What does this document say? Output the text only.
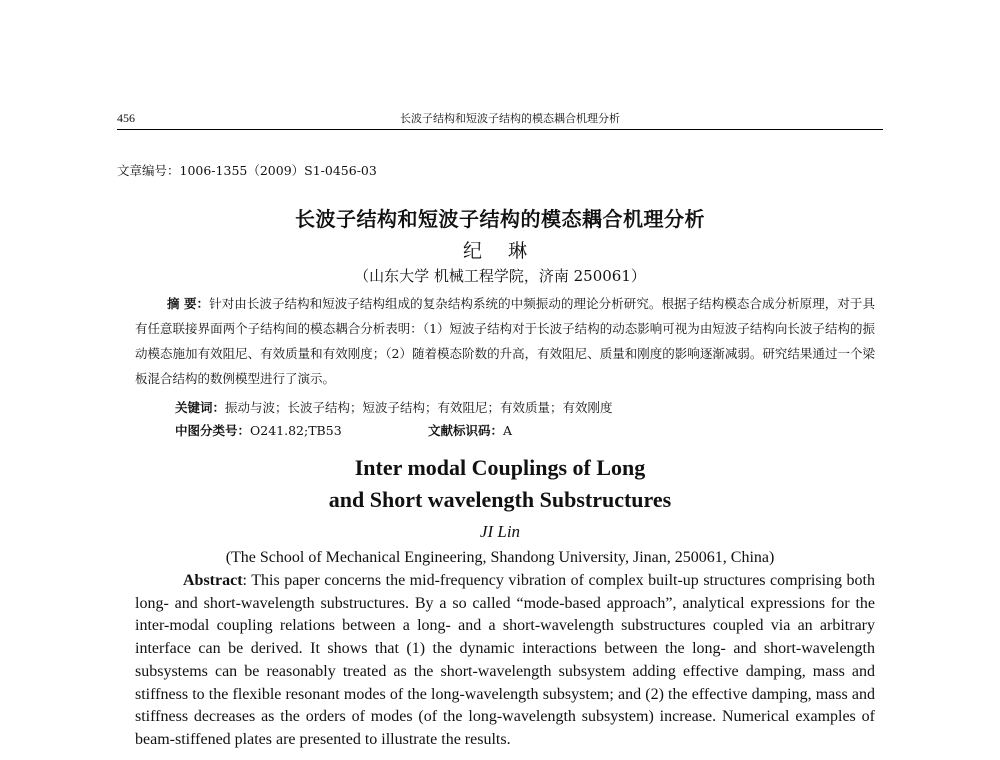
456	长波子结构和短波子结构的模态耦合机理分析
文章编号：1006-1355（2009）S1-0456-03
长波子结构和短波子结构的模态耦合机理分析
纪 琳
（山东大学 机械工程学院，济南 250061）
摘 要：针对由长波子结构和短波子结构组成的复杂结构系统的中频振动的理论分析研究。根据子结构模态合成分析原理，对于具有任意联接界面两个子结构间的模态耦合分析表明：（1）短波子结构对于长波子结构的动态影响可视为由短波子结构向长波子结构的振动模态施加有效阻尼、有效质量和有效刚度；（2）随着模态阶数的升高，有效阻尼、质量和刚度的影响逐渐减弱。研究结果通过一个梁板混合结构的数例模型进行了演示。
关键词：振动与波；长波子结构；短波子结构；有效阻尼；有效质量；有效刚度
中图分类号：O241.82;TB53	文献标识码：A
Inter modal Couplings of Long
and Short wavelength Substructures
JI Lin
(The School of Mechanical Engineering, Shandong University, Jinan, 250061, China)
Abstract: This paper concerns the mid-frequency vibration of complex built-up structures comprising both long- and short-wavelength substructures. By a so called “mode-based approach”, analytical expressions for the inter-modal coupling relations between a long- and a short-wavelength substructures coupled via an arbitrary interface can be derived. It shows that (1) the dynamic interactions between the long- and short-wavelength subsystems can be reasonably treated as the short-wavelength subsystem adding effective damping, mass and stiffness to the flexible resonant modes of the long-wavelength subsystem; and (2) the effective damping, mass and stiffness decreases as the orders of modes (of the long-wavelength subsystem) increase. Numerical examples of beam-stiffened plates are presented to illustrate the results.
